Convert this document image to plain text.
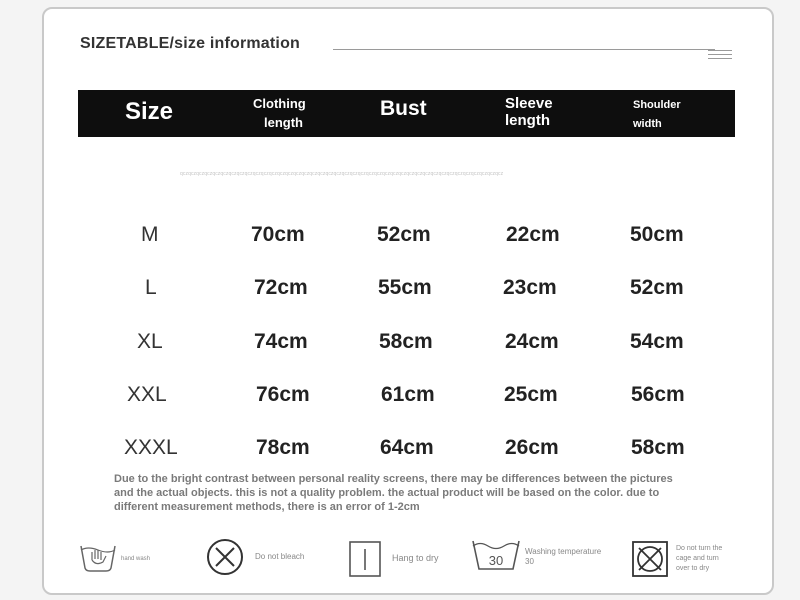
SIZETABLE/size information
Size	Clothing
length
Bust	Sleeve
length
Shoulder
width
qczqczqczqczqczqczqczqczqczqczqczqczqczqczqczqczqczqczqczqczqczqczqczqczqczqczqczqczqczqczqczqczqczqczqczqczqczqczqczqcz
M	70cm	52cm	22cm	50cm
L	72cm	55cm	23cm	52cm
XL	74cm	58cm	24cm	54cm
XXL	76cm	61cm	25cm	56cm
XXXL	78cm	64cm	26cm	58cm
Due to the bright contrast between personal reality screens, there may be differences between the pictures and the actual objects. this is not a quality problem. the actual product will be based on the color. due to different measurement methods, there is an error of 1-2cm
hand wash	Do not bleach	Hang to dry	30
Washing temperature
30
Do not turn the
cage and turn
over to dry
